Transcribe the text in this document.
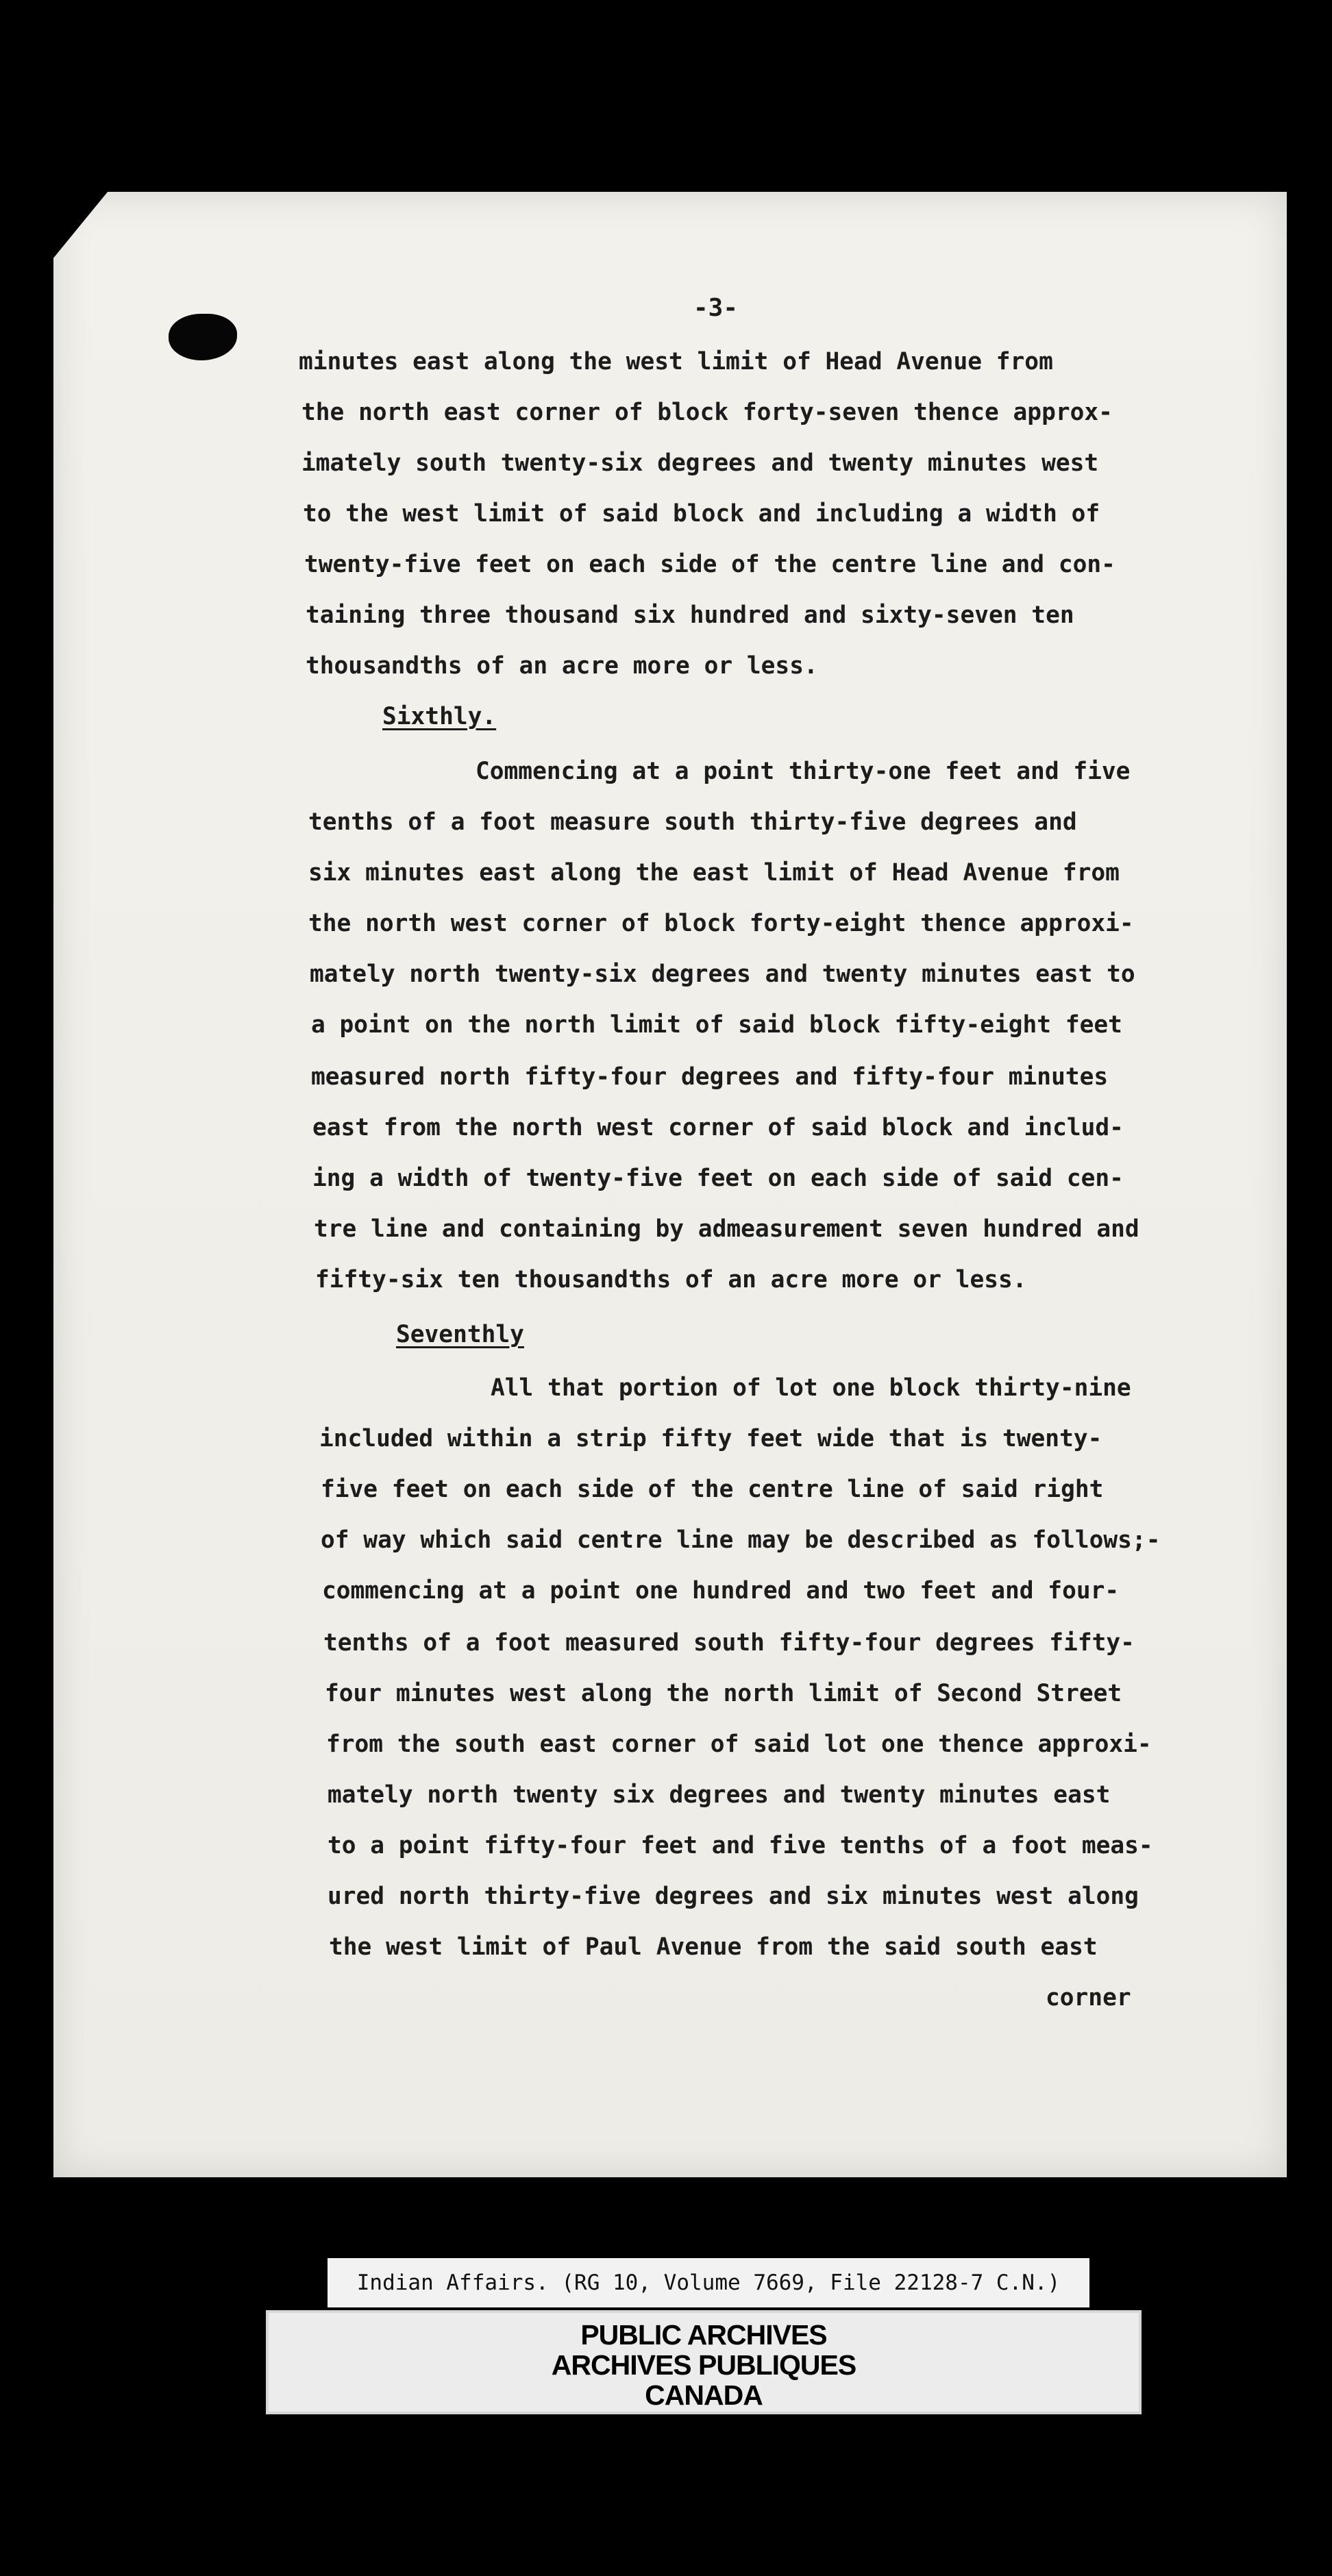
-3-
minutes east along the west limit of Head Avenue from
the north east corner of block forty-seven thence approx-
imately south twenty-six degrees and twenty minutes west
to the west limit of said block and including a width of
twenty-five feet on each side of the centre line and con-
taining three thousand six hundred and sixty-seven ten
thousandths of an acre more or less.
Sixthly.
Commencing at a point thirty-one feet and five
tenths of a foot measure south thirty-five degrees and
six minutes east along the east limit of Head Avenue from
the north west corner of block forty-eight thence approxi-
mately north twenty-six degrees and twenty minutes east to
a point on the north limit of said block fifty-eight feet
measured north fifty-four degrees and fifty-four minutes
east from the north west corner of said block and includ-
ing a width of twenty-five feet on each side of said cen-
tre line and containing by admeasurement seven hundred and
fifty-six ten thousandths of an acre more or less.
Seventhly
All that portion of lot one block thirty-nine
included within a strip fifty feet wide that is twenty-
five feet on each side of the centre line of said right
of way which said centre line may be described as follows;-
commencing at a point one hundred and two feet and four-
tenths of a foot measured south fifty-four degrees fifty-
four minutes west along the north limit of Second Street
from the south east corner of said lot one thence approxi-
mately north twenty six degrees and twenty minutes east
to a point fifty-four feet and five tenths of a foot meas-
ured north thirty-five degrees and six minutes west along
the west limit of Paul Avenue from the said south east
corner
Indian Affairs. (RG 10, Volume 7669, File 22128-7 C.N.)
PUBLIC ARCHIVES
ARCHIVES PUBLIQUES
CANADA
